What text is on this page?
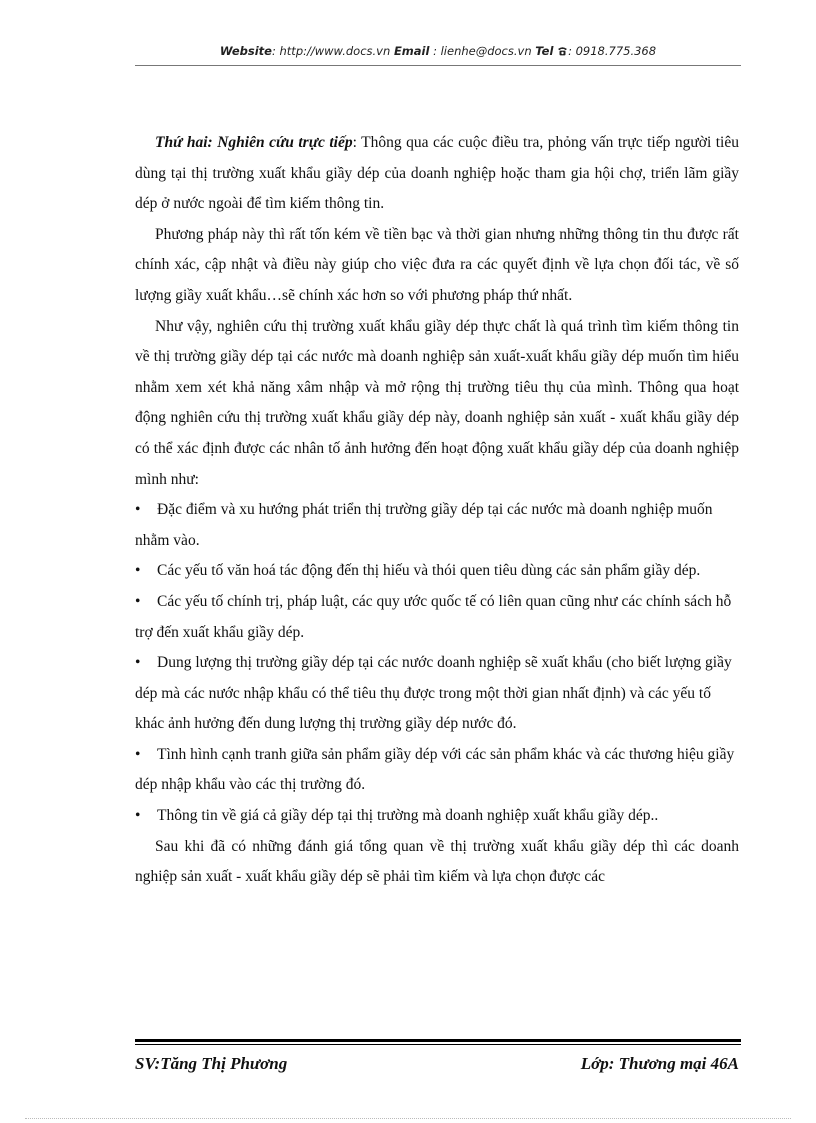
Website: http://www.docs.vn Email : lienhe@docs.vn Tel : 0918.775.368

Thứ hai: Nghiên cứu trực tiếp: Thông qua các cuộc điều tra, phỏng vấn trực tiếp người tiêu dùng tại thị trường xuất khẩu giầy dép của doanh nghiệp hoặc tham gia hội chợ, triển lãm giầy dép ở nước ngoài để tìm kiếm thông tin.

Phương pháp này thì rất tốn kém về tiền bạc và thời gian nhưng những thông tin thu được rất chính xác, cập nhật và điều này giúp cho việc đưa ra các quyết định về lựa chọn đối tác, về số lượng giầy xuất khẩu…sẽ chính xác hơn so với phương pháp thứ nhất.

Như vậy, nghiên cứu thị trường xuất khẩu giầy dép thực chất là quá trình tìm kiếm thông tin về thị trường giầy dép tại các nước mà doanh nghiệp sản xuất-xuất khẩu giầy dép muốn tìm hiểu nhằm xem xét khả năng xâm nhập và mở rộng thị trường tiêu thụ của mình. Thông qua hoạt động nghiên cứu thị trường xuất khẩu giầy dép này, doanh nghiệp sản xuất - xuất khẩu giầy dép có thể xác định được các nhân tố ảnh hưởng đến hoạt động xuất khẩu giầy dép của doanh nghiệp mình như:

• Đặc điểm và xu hướng phát triển thị trường giầy dép tại các nước mà doanh nghiệp muốn nhằm vào.

• Các yếu tố văn hoá tác động đến thị hiếu và thói quen tiêu dùng các sản phẩm giầy dép.

• Các yếu tố chính trị, pháp luật, các quy ước quốc tế có liên quan cũng như các chính sách hỗ trợ đến xuất khẩu giầy dép.

• Dung lượng thị trường giầy dép tại các nước doanh nghiệp sẽ xuất khẩu (cho biết lượng giầy dép mà các nước nhập khẩu có thể tiêu thụ được trong một thời gian nhất định) và các yếu tố khác ảnh hưởng đến dung lượng thị trường giầy dép nước đó.

• Tình hình cạnh tranh giữa sản phẩm giầy dép với các sản phẩm khác và các thương hiệu giầy dép nhập khẩu vào các thị trường đó.

• Thông tin về giá cả giầy dép tại thị trường mà doanh nghiệp xuất khẩu giầy dép..

Sau khi đã có những đánh giá tổng quan về thị trường xuất khẩu giầy dép thì các doanh nghiệp sản xuất - xuất khẩu giầy dép sẽ phải tìm kiếm và lựa chọn được các

SV:Tăng Thị Phương	Lớp: Thương mại 46A
